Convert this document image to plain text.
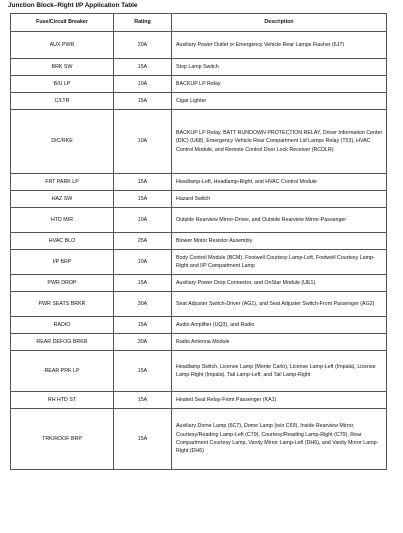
Junction Block–Right I/P Application Table
Fuse/Circuit Breaker	Rating	Description
AUX PWR	20A	Auxiliary Power Outlet or Emergency Vehicle Rear Lamps Flasher (6J7)
BRK SW	15A	Stop Lamp Switch
B/U LP	10A	BACKUP LP Relay
C/LTR	15A	Cigar Lighter
DIC/RKE	10A	BACKUP LP Relay, BATT RUNDOWN PROTECTION RELAY, Driver Information Center (DIC) (U68), Emergency Vehicle Rear Compartment Lid Lamps Relay (T53), HVAC Control Module, and Remote Control Door Lock Receiver (RCDLR)
FRT PARK LP	15A	Headlamp-Left, Headlamp-Right, and HVAC Control Module
HAZ SW	15A	Hazard Switch
HTD MIR	10A	Outside Rearview Mirror-Driver, and Outside Rearview Mirror-Passenger
HVAC BLO	25A	Blower Motor Resistor Assembly
I/P BRP	10A	Body Control Module (BCM), Footwell Courtesy Lamp-Left, Footwell Courtesy Lamp-Right and I/P Compartment Lamp
PWR DROP	15A	Auxiliary Power Drop Connector, and OnStar Module (UE1)
PWR SEATS BRKR	30A	Seat Adjuster Switch-Driver (AG1), and Seat Adjuster Switch-Front Passenger (AG2)
RADIO	15A	Audio Amplifier (UQ3), and Radio
REAR DEFOG BRKR	30A	Radio Antenna Module
REAR PRK LP	15A	Headlamp Switch, License Lamp (Monte Carlo), License Lamp-Left (Impala), License Lamp-Right (Impala), Tail Lamp-Left, and Tail Lamp-Right
RH HTD ST	15A	Heated Seat Relay-Front Passenger (KA1)
TRK/ROOF BRP	15A	Auxiliary Dome Lamp (6C7), Dome Lamp (w/o C69), Inside Rearview Mirror, Courtesy/Reading Lamp-Left (C79), Courtesy/Reading Lamp-Right (C79), Rear Compartment Courtesy Lamp, Vanity Mirror Lamp-Left (DH6), and Vanity Mirror Lamp-Right (DH6)
